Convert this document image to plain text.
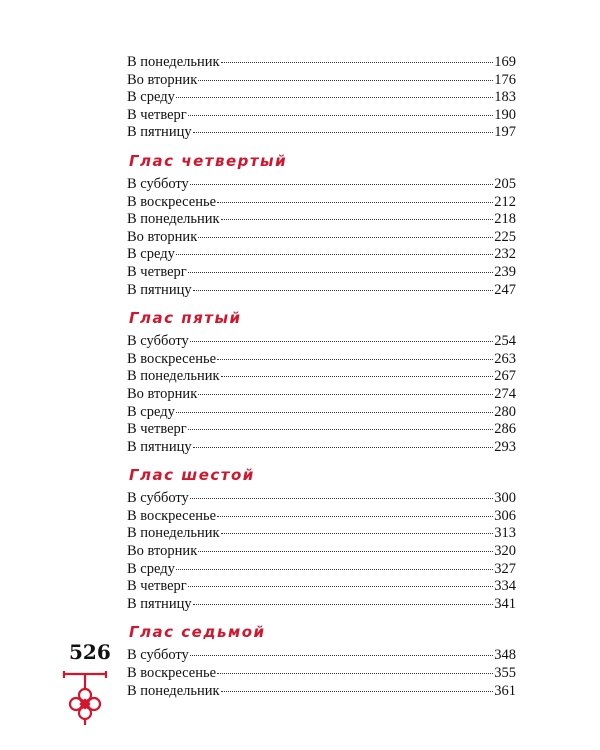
В понедельник	169
Во вторник	176
В среду	183
В четверг	190
В пятницу	197
Глас четвертый
В субботу	205
В воскресенье	212
В понедельник	218
Во вторник	225
В среду	232
В четверг	239
В пятницу	247
Глас пятый
В субботу	254
В воскресенье	263
В понедельник	267
Во вторник	274
В среду	280
В четверг	286
В пятницу	293
Глас шестой
В субботу	300
В воскресенье	306
В понедельник	313
Во вторник	320
В среду	327
В четверг	334
В пятницу	341
Глас седьмой
В субботу	348
В воскресенье	355
В понедельник	361
526
